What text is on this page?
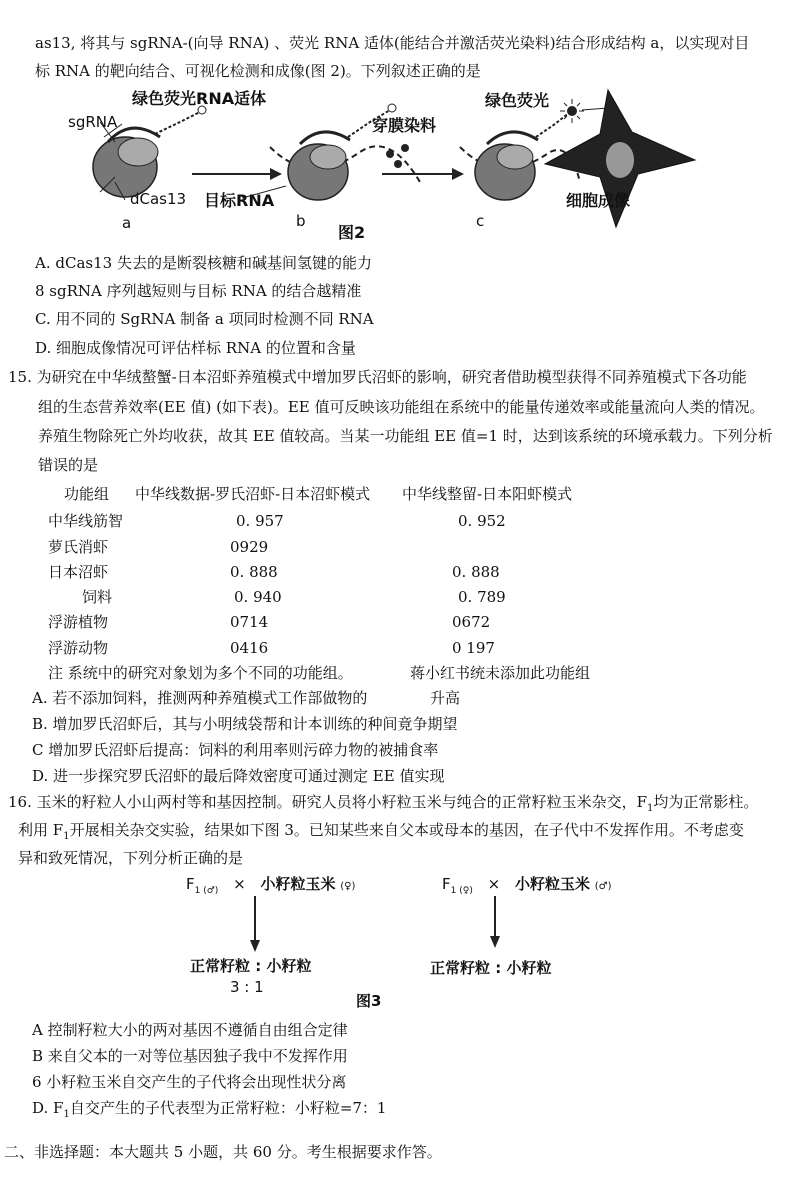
as13, 将其与 sgRNA-(向导 RNA) 、荧光 RNA 适体(能结合并激活荧光染料)结合形成结构 a，以实现对目
标 RNA 的靶向结合、可视化检测和成像(图 2)。下列叙述正确的是
绿色荧光RNA适体
sgRNA
dCas13 目标RNA
穿膜染料
绿色荧光
细胞成像
a	b
图2
c
A. dCas13 失去的是断裂核糖和碱基间氢键的能力
8 sgRNA 序列越短则与目标 RNA 的结合越精准
C. 用不同的 SgRNA 制备 a 项同时检测不同 RNA
D. 细胞成像情况可评估样标 RNA 的位置和含量
15. 为研究在中华绒螯蟹-日本沼虾养殖模式中增加罗氏沼虾的影响，研究者借助模型获得不同养殖模式下各功能
组的生态营养效率(EE 值) (如下表)。EE 值可反映该功能组在系统中的能量传递效率或能量流向人类的情况。
养殖生物除死亡外均收获，故其 EE 值较高。当某一功能组 EE 值=1 时，达到该系统的环境承载力。下列分析
错误的是
功能组 中华线数据-罗氏沼虾-日本沼虾模式 中华线整留-日本阳虾模式
中华线筋智	0. 957	0. 952
萝氏消虾	0929
日本沼虾	0. 888	0. 888
饲料	0. 940	0. 789
浮游植物	0714	0672
浮游动物	0416	0 197
注 系统中的研究对象划为多个不同的功能组。	蒋小红书统未添加此功能组
A. 若不添加饲料，推测两种养殖模式工作部做物的	升高
B. 增加罗氏沼虾后，其与小明绒袋帮和计本训练的种间竟争期望
C 增加罗氏沼虾后提高：饲料的利用率则污碎力物的被捕食率
D. 进一步探究罗氏沼虾的最后降效密度可通过测定 EE 值实现
16. 玉米的籽粒人小山两村等和基因控制。研究人员将小籽粒玉米与纯合的正常籽粒玉米杂交，$F_1$均为正常影柱。
利用 $F_1$开展相关杂交实验，结果如下图 3。已知某些来自父本或母本的基因，在子代中不发挥作用。不考虑变
异和致死情况，下列分析正确的是
$F_{1 (♂)}$ × 小籽粒玉米 (♀)	$F_{1 (♀)}$ × 小籽粒玉米 (♂)
正常籽粒 : 小籽粒
3 : 1
正常籽粒 : 小籽粒
图3
A 控制籽粒大小的两对基因不遵循自由组合定律
B 来自父本的一对等位基因独子我中不发挥作用
6 小籽粒玉米自交产生的子代将会出现性状分离
D. $F_1$自交产生的子代表型为正常籽粒：小籽粒=7：1
二、非选择题：本大题共 5 小题，共 60 分。考生根据要求作答。
